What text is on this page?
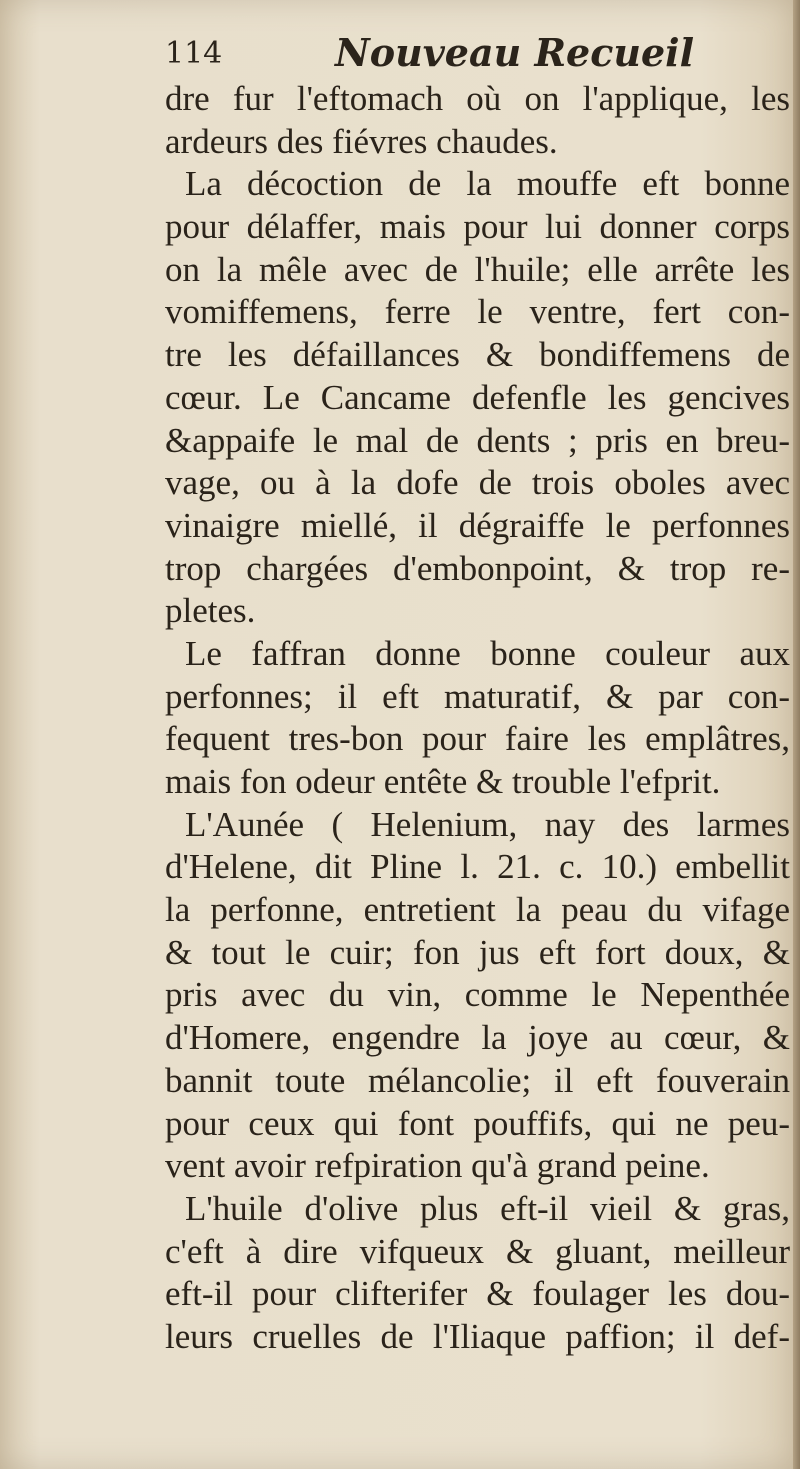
114	Nouveau Recueil
dre fur l'eftomach où on l'applique, les
ardeurs des fiévres chaudes.
La décoction de la mouffe eft bonne
pour délaffer, mais pour lui donner corps
on la mêle avec de l'huile; elle arrête les
vomiffemens, ferre le ventre, fert con-
tre les défaillances & bondiffemens de
cœur. Le Cancame defenfle les gencives
&appaife le mal de dents ; pris en breu-
vage, ou à la dofe de trois oboles avec
vinaigre miellé, il dégraiffe le perfonnes
trop chargées d'embonpoint, & trop re-
pletes.
Le faffran donne bonne couleur aux
perfonnes; il eft maturatif, & par con-
fequent tres-bon pour faire les emplâtres,
mais fon odeur entête & trouble l'efprit.
L'Aunée ( Helenium, nay des larmes
d'Helene, dit Pline l. 21. c. 10.) embellit
la perfonne, entretient la peau du vifage
& tout le cuir; fon jus eft fort doux, &
pris avec du vin, comme le Nepenthée
d'Homere, engendre la joye au cœur, &
bannit toute mélancolie; il eft fouverain
pour ceux qui font pouffifs, qui ne peu-
vent avoir refpiration qu'à grand peine.
L'huile d'olive plus eft-il vieil & gras,
c'eft à dire vifqueux & gluant, meilleur
eft-il pour clifterifer & foulager les dou-
leurs cruelles de l'Iliaque paffion; il def-
